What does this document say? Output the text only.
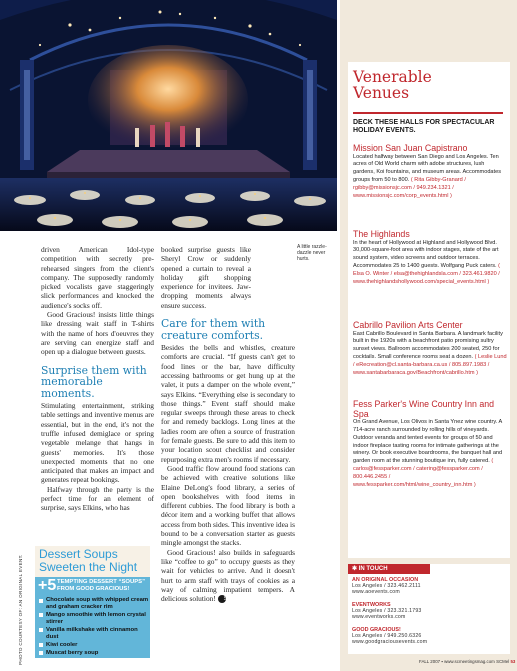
A little razzle-dazzle never hurts.

driven American Idol-type competition with secretly pre-rehearsed singers from the client's company. The supposedly randomly picked vocalists gave staggeringly slick performances and knocked the audience's socks off.

Good Gracious! insists little things like dressing wait staff in T-shirts with the name of hors d'oeuvres they are serving can energize staff and open up a dialogue between guests.

Surprise them with memorable moments.

Stimulating entertainment, striking table settings and inventive menus are essential, but in the end, it's not the truffle infused demiglace or spring vegetable melange that hangs in guests' memories. It's those unexpected moments that no one anticipated that makes an impact and generates repeat bookings.

Halfway through the party is the perfect time for an element of surprise, says Elkins, who has

booked surprise guests like Sheryl Crow or suddenly opened a curtain to reveal a holiday gift shopping experience for invitees. Jaw-dropping moments always ensure success.

Care for them with creature comforts.

Besides the bells and whistles, creature comforts are crucial. “If guests can't get to food lines or the bar, have difficulty accessing bathrooms or get hung up at the valet, it puts a damper on the whole event,” says Elkins. “Everything else is secondary to those things.” Event staff should make regular sweeps through these areas to check for and remedy backlogs. Long lines at the ladies room are often a source of frustration for female guests. Be sure to add this item to your location scout checklist and consider repurposing extra men's rooms if necessary.

Good traffic flow around food stations can be achieved with creative solutions like Elaine DeLong's food library, a series of open bookshelves with food items in different cubbies. The food library is both a décor item and a working buffet that allows access from both sides. This inventive idea is bound to be a conversation starter as guests mingle amongst the stacks.

Good Gracious! also builds in safeguards like “coffee to go” to occupy guests as they wait for vehicles to arrive. And it doesn't hurt to arm staff with trays of cookies as a way of calming impatient tempers. A delicious solution! SC

PHOTO COURTESY OF: AN ORIGINAL EVENT.
Dessert Soups
Sweeten the Night
+5 TEMPTING DESSERT “SOUPS” FROM GOOD GRACIOUS!
Chocolate soup with whipped cream and graham cracker rim
Mango smoothie with lemon crystal stirrer
Vanilla milkshake with cinnamon dust
Kiwi cooler
Muscat berry soup
Venerable
Venues
DECK THESE HALLS FOR SPECTACULAR HOLIDAY EVENTS.
Mission San Juan Capistrano
Located halfway between San Diego and Los Angeles. Ten acres of Old World charm with adobe structures, lush gardens, Koi fountains, and museum areas. Accommodates groups from 50 to 800. ( Rita Gibby-Granard / rgibby@missionsjc.com / 949.234.1321 / www.missionsjc.com/corp_events.html )
The Highlands
In the heart of Hollywood at Highland and Hollywood Blvd. 30,000-square-foot area with indoor stages, state of the art sound system, video screens and outdoor terraces. Accommodates 25 to 1400 guests. Wolfgang Puck caters. ( Elsa O. Winter / elsa@thehighlandsla.com / 323.461.9820 / www.thehighlandshollywood.com/special_events.html )
Cabrillo Pavilion Arts Center
East Cabrillo Boulevard in Santa Barbara. A landmark facility built in the 1920s with a beachfront patio promising sultry sunset views. Ballroom accommodates 200 seated, 250 for cocktails. Small conference rooms seat a dozen. ( Leslie Lund / eRecreation@cl.santa-barbara.ca.us / 805.897.1983 / www.santabarbaraca.gov/Beachfront/cabrillo.htm )
Fess Parker's Wine Country Inn and Spa
On Grand Avenue, Los Olivos in Santa Ynez wine country. A 714-acre ranch surrounded by rolling hills of vineyards. Outdoor veranda and tented events for groups of 50 and indoor fireplace tasting rooms for intimate gatherings at the winery. Or book executive boardrooms, the banquet hall and garden room at the stunning boutique inn, fully catered. ( carlos@fessparker.com / catering@fessparker.com / 800.446.2455 / www.fessparker.com/html/wine_country_inn.htm )
✱ IN TOUCH
AN ORIGINAL OCCASION
Los Angeles / 323.462.2111
www.aoevents.com
EVENTWORKS
Los Angeles / 323.321.1793
www.eventworks.com
GOOD GRACIOUS!
Los Angeles / 949.250.6326
www.goodgraciousevents.com
FALL 2007 ▪ www.scmeetingsmag.com SCMel 53
